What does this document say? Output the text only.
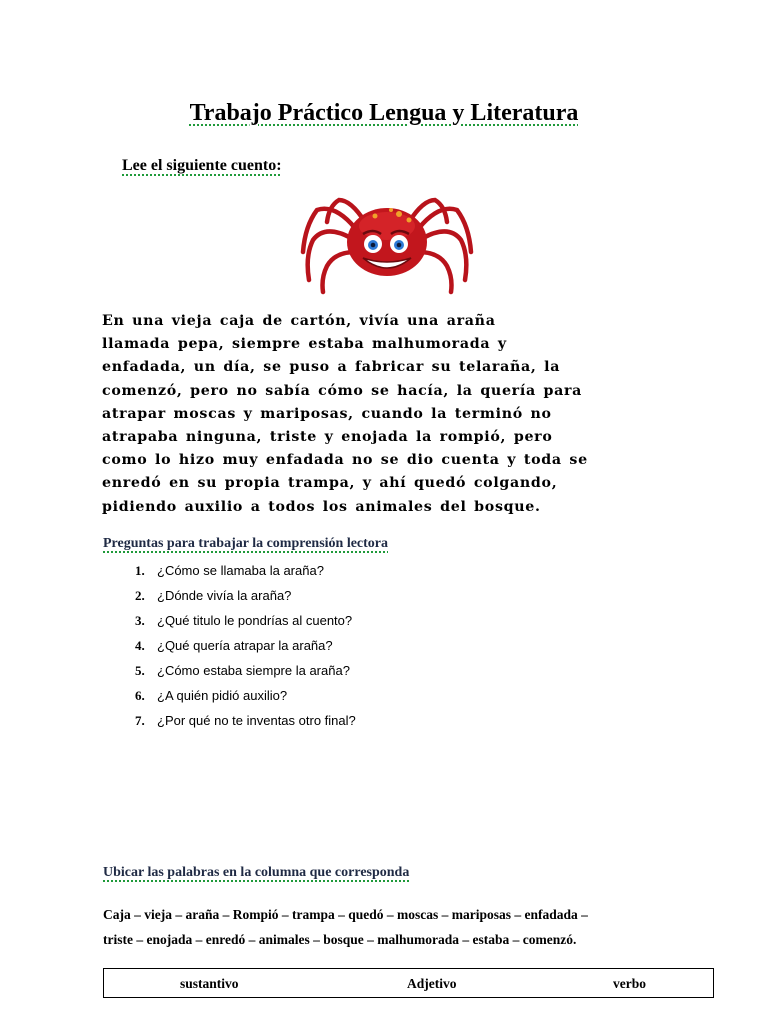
Trabajo Práctico Lengua y Literatura
Lee el siguiente cuento:
En una vieja caja de cartón, vivía una araña
llamada pepa, siempre estaba malhumorada y
enfadada, un día, se puso a fabricar su telaraña, la
comenzó, pero no sabía cómo se hacía, la quería para
atrapar moscas y mariposas, cuando la terminó no
atrapaba ninguna, triste y enojada la rompió, pero
como lo hizo muy enfadada no se dio cuenta y toda se
enredó en su propia trampa, y ahí quedó colgando,
pidiendo auxilio a todos los animales del bosque.
Preguntas para trabajar la comprensión lectora
1. ¿Cómo se llamaba la araña?
2. ¿Dónde vivía la araña?
3. ¿Qué titulo le pondrías al cuento?
4. ¿Qué quería atrapar la araña?
5. ¿Cómo estaba siempre la araña?
6. ¿A quién pidió auxilio?
7. ¿Por qué no te inventas otro final?
Ubicar las palabras en la columna que corresponda
Caja – vieja – araña – Rompió – trampa – quedó – moscas – mariposas – enfadada –
triste – enojada – enredó – animales – bosque – malhumorada – estaba – comenzó.
sustantivo	Adjetivo	verbo
